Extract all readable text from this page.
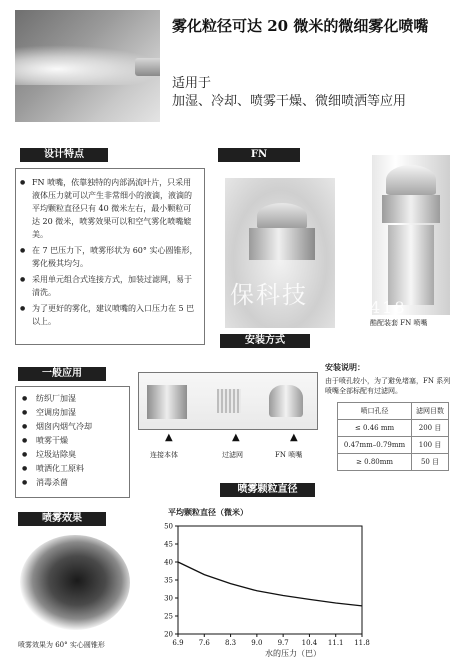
雾化粒径可达 20 微米的微细雾化喷嘴
适用于
加湿、冷却、喷雾干燥、微细喷洒等应用
设计特点
● FN 喷嘴，依靠独特的内部涡流叶片，只采用液体压力就可以产生非常细小的液滴，液滴的平均颗粒直径只有 40 微米左右，最小颗粒可达 20 微米，喷雾效果可以和空气雾化喷嘴媲美。
● 在 7 巴压力下，喷雾形状为 60° 实心圆锥形，雾化极其均匀。
● 采用单元组合式连接方式，加装过滤网，易于清洗。
● 为了更好的雾化，建议喷嘴的入口压力在 5 巴以上。
FN
保科技	418
酷配装套 FN 喷嘴
安装方式
▲	▲	▲
连接本体	过滤网	FN 喷嘴
安装说明：
由于喷孔较小，为了避免堵塞，FN 系列喷嘴全部标配有过滤网。
喷口孔径	滤网目数
≤ 0.46 mm	200 目
0.47mm–0.79mm	100 目
≥ 0.80mm	50 目
一般应用
● 纺织厂加湿
● 空调房加湿
● 烟囱内烟气冷却
● 喷雾干燥
● 垃圾站除臭
● 喷洒化工原料
● 消毒杀菌
喷雾效果
喷雾效果为 60° 实心圆锥形
喷雾颗粒直径
平均颗粒直径（微米）
20
25
30
35
40
45
50
6.9 7.6 8.3 9.0 9.7 10.4 11.1 11.8
水的压力（巴）
